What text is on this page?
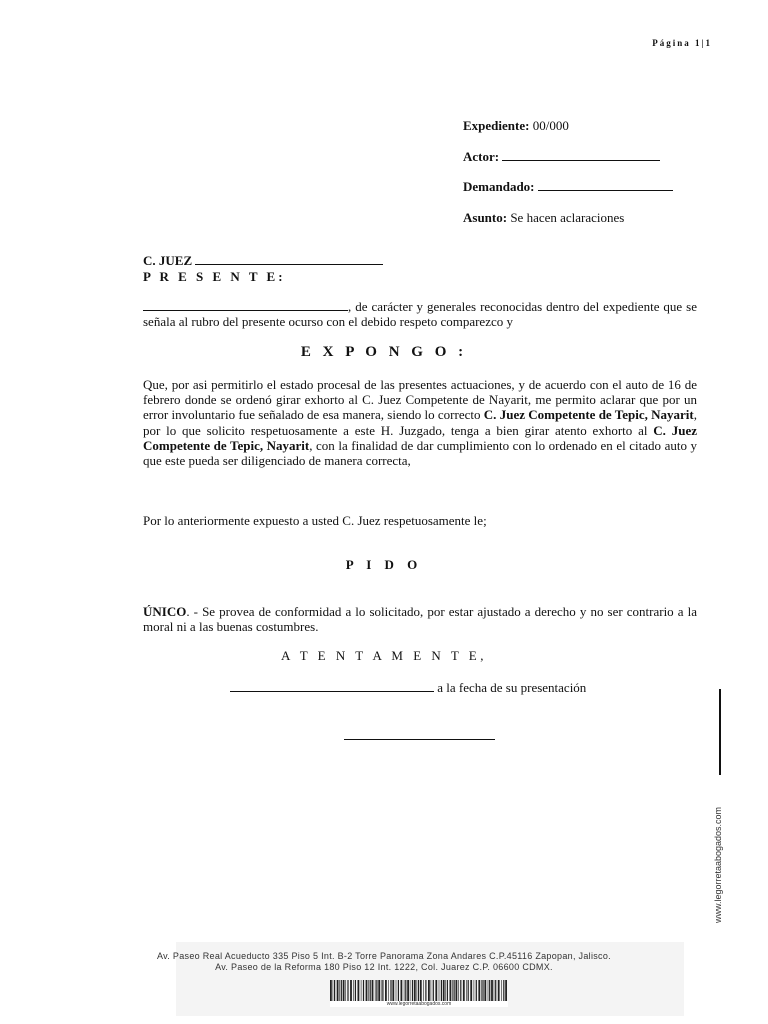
Página 1|1
Expediente: 00/000
Actor:
Demandado:
Asunto: Se hacen aclaraciones
C. JUEZ
P R E S E N T E:
, de carácter y generales reconocidas dentro del expediente que se señala al rubro del presente ocurso con el debido respeto comparezco y
E X P O N G O :
Que, por asi permitirlo el estado procesal de las presentes actuaciones, y de acuerdo con el auto de 16 de febrero donde se ordenó girar exhorto al C. Juez Competente de Nayarit, me permito aclarar que por un error involuntario fue señalado de esa manera, siendo lo correcto C. Juez Competente de Tepic, Nayarit, por lo que solicito respetuosamente a este H. Juzgado, tenga a bien girar atento exhorto al C. Juez Competente de Tepic, Nayarit, con la finalidad de dar cumplimiento con lo ordenado en el citado auto y que este pueda ser diligenciado de manera correcta,
Por lo anteriormente expuesto a usted C. Juez respetuosamente le;
P I D O
ÚNICO. - Se provea de conformidad a lo solicitado, por estar ajustado a derecho y no ser contrario a la moral ni a las buenas costumbres.
A T E N T A M E N T E,
a la fecha de su presentación
www.legorretaabogados.com
Av. Paseo Real Acueducto 335 Piso 5 Int. B-2 Torre Panorama Zona Andares C.P.45116 Zapopan, Jalisco.
Av. Paseo de la Reforma 180 Piso 12 Int. 1222, Col. Juarez C.P. 06600 CDMX.
www.legorretaabogados.com
